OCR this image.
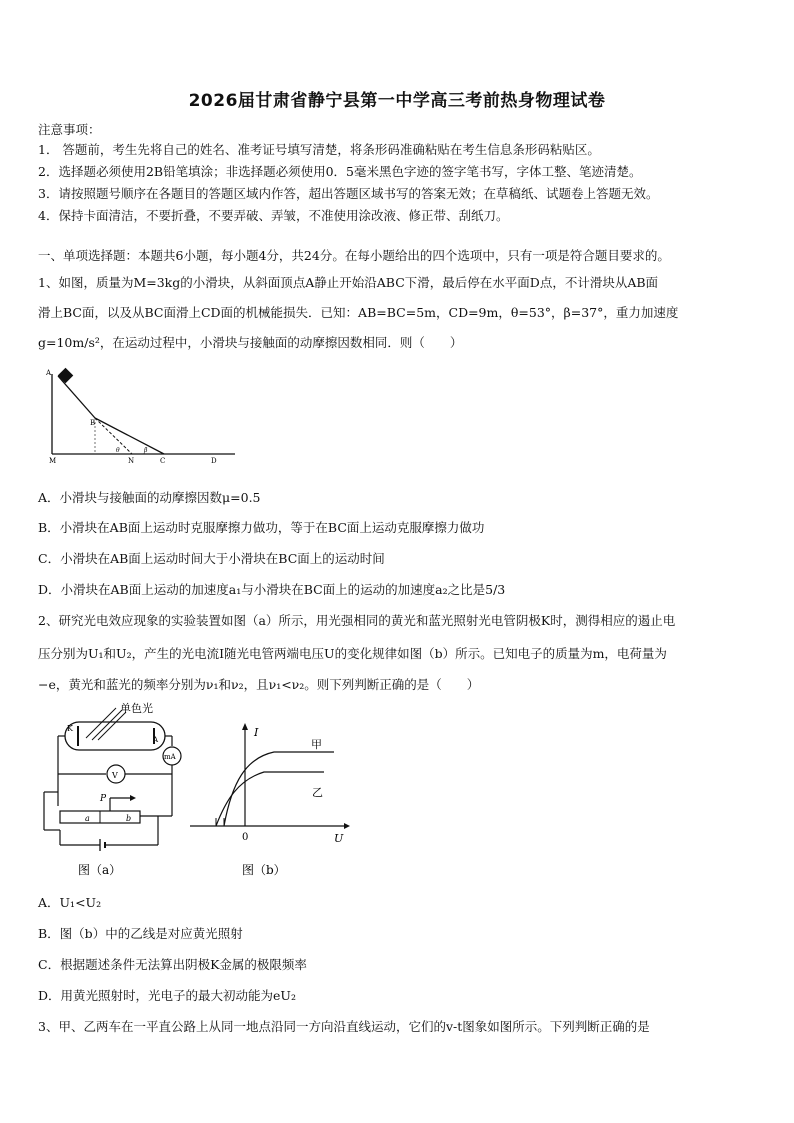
2026届甘肃省静宁县第一中学高三考前热身物理试卷
注意事项：
1． 答题前，考生先将自己的姓名、准考证号填写清楚，将条形码准确粘贴在考生信息条形码粘贴区。
2．选择题必须使用2B铅笔填涂；非选择题必须使用0．5毫米黑色字迹的签字笔书写，字体工整、笔迹清楚。
3．请按照题号顺序在各题目的答题区域内作答，超出答题区域书写的答案无效；在草稿纸、试题卷上答题无效。
4．保持卡面清洁，不要折叠，不要弄破、弄皱，不准使用涂改液、修正带、刮纸刀。
一、单项选择题：本题共6小题，每小题4分，共24分。在每小题给出的四个选项中，只有一项是符合题目要求的。
1、如图，质量为M=3kg的小滑块，从斜面顶点A静止开始沿ABC下滑，最后停在水平面D点，不计滑块从AB面
滑上BC面，以及从BC面滑上CD面的机械能损失．已知：AB=BC=5m，CD=9m，θ=53°，β=37°，重力加速度
g=10m/s²，在运动过程中，小滑块与接触面的动摩擦因数相同．则（　　）
A
B
M	N	C	D
θ	β
A．小滑块与接触面的动摩擦因数μ=0.5
B．小滑块在AB面上运动时克服摩擦力做功，等于在BC面上运动克服摩擦力做功
C．小滑块在AB面上运动时间大于小滑块在BC面上的运动时间
D．小滑块在AB面上运动的加速度a₁与小滑块在BC面上的运动的加速度a₂之比是5/3
2、研究光电效应现象的实验装置如图（a）所示，用光强相同的黄光和蓝光照射光电管阴极K时，测得相应的遏止电
压分别为U₁和U₂，产生的光电流I随光电管两端电压U的变化规律如图（b）所示。已知电子的质量为m，电荷量为
−e，黄光和蓝光的频率分别为ν₁和ν₂，且ν₁<ν₂。则下列判断正确的是（　　）
K
A
单色光
mA
V
a	b
P
图（a）
I
U
0
甲
乙
图（b）
A．U₁<U₂
B．图（b）中的乙线是对应黄光照射
C．根据题述条件无法算出阴极K金属的极限频率
D．用黄光照射时，光电子的最大初动能为eU₂
3、甲、乙两车在一平直公路上从同一地点沿同一方向沿直线运动，它们的v-t图象如图所示。下列判断正确的是
